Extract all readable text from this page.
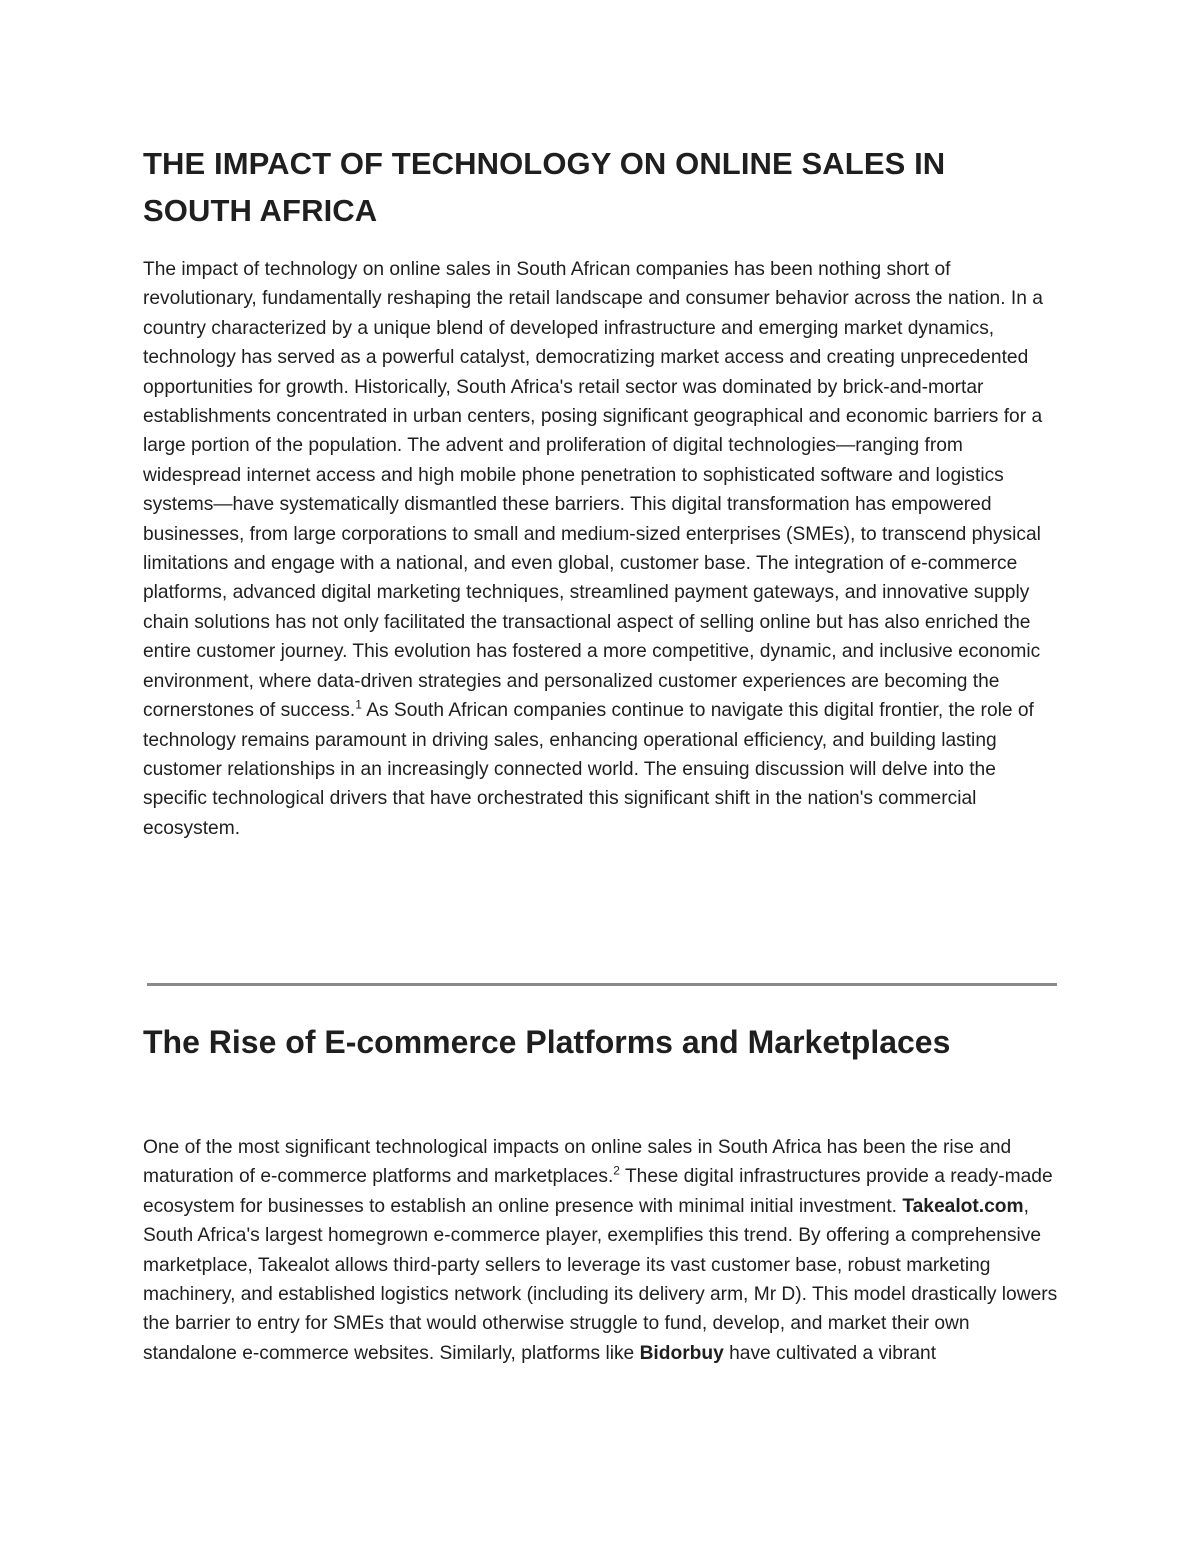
THE IMPACT OF TECHNOLOGY ON ONLINE SALES IN SOUTH AFRICA

The impact of technology on online sales in South African companies has been nothing short of revolutionary, fundamentally reshaping the retail landscape and consumer behavior across the nation. In a country characterized by a unique blend of developed infrastructure and emerging market dynamics, technology has served as a powerful catalyst, democratizing market access and creating unprecedented opportunities for growth. Historically, South Africa's retail sector was dominated by brick-and-mortar establishments concentrated in urban centers, posing significant geographical and economic barriers for a large portion of the population. The advent and proliferation of digital technologies—ranging from widespread internet access and high mobile phone penetration to sophisticated software and logistics systems—have systematically dismantled these barriers. This digital transformation has empowered businesses, from large corporations to small and medium-sized enterprises (SMEs), to transcend physical limitations and engage with a national, and even global, customer base. The integration of e-commerce platforms, advanced digital marketing techniques, streamlined payment gateways, and innovative supply chain solutions has not only facilitated the transactional aspect of selling online but has also enriched the entire customer journey. This evolution has fostered a more competitive, dynamic, and inclusive economic environment, where data-driven strategies and personalized customer experiences are becoming the cornerstones of success.$^1$ As South African companies continue to navigate this digital frontier, the role of technology remains paramount in driving sales, enhancing operational efficiency, and building lasting customer relationships in an increasingly connected world. The ensuing discussion will delve into the specific technological drivers that have orchestrated this significant shift in the nation's commercial ecosystem.

The Rise of E-commerce Platforms and Marketplaces

One of the most significant technological impacts on online sales in South Africa has been the rise and maturation of e-commerce platforms and marketplaces.$^2$ These digital infrastructures provide a ready-made ecosystem for businesses to establish an online presence with minimal initial investment. Takealot.com, South Africa's largest homegrown e-commerce player, exemplifies this trend. By offering a comprehensive marketplace, Takealot allows third-party sellers to leverage its vast customer base, robust marketing machinery, and established logistics network (including its delivery arm, Mr D). This model drastically lowers the barrier to entry for SMEs that would otherwise struggle to fund, develop, and market their own standalone e-commerce websites. Similarly, platforms like Bidorbuy have cultivated a vibrant
